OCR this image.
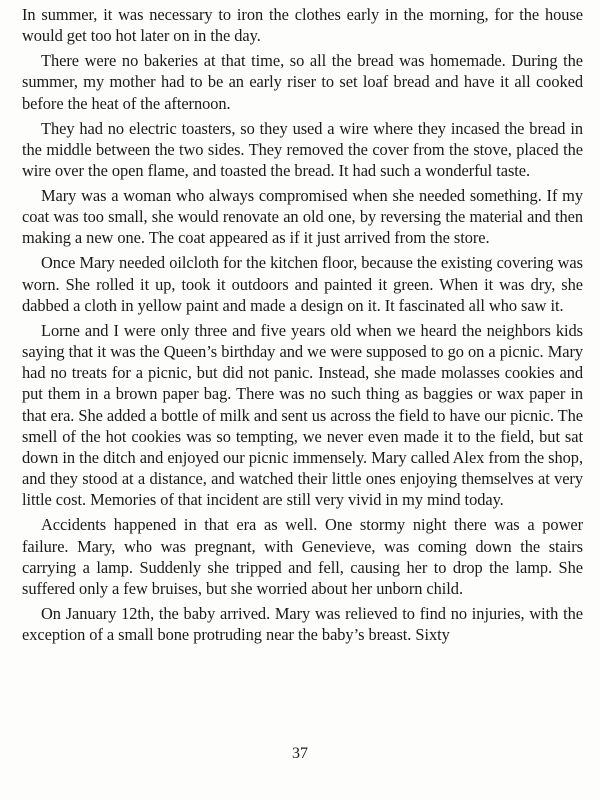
In summer, it was necessary to iron the clothes early in the morning, for the house would get too hot later on in the day.

There were no bakeries at that time, so all the bread was homemade. During the summer, my mother had to be an early riser to set loaf bread and have it all cooked before the heat of the afternoon.

They had no electric toasters, so they used a wire where they incased the bread in the middle between the two sides. They removed the cover from the stove, placed the wire over the open flame, and toasted the bread. It had such a wonderful taste.

Mary was a woman who always compromised when she needed something. If my coat was too small, she would renovate an old one, by reversing the material and then making a new one. The coat appeared as if it just arrived from the store.

Once Mary needed oilcloth for the kitchen floor, because the existing covering was worn. She rolled it up, took it outdoors and painted it green. When it was dry, she dabbed a cloth in yellow paint and made a design on it. It fascinated all who saw it.

Lorne and I were only three and five years old when we heard the neighbors kids saying that it was the Queen’s birthday and we were supposed to go on a picnic. Mary had no treats for a picnic, but did not panic. Instead, she made molasses cookies and put them in a brown paper bag. There was no such thing as baggies or wax paper in that era. She added a bottle of milk and sent us across the field to have our picnic. The smell of the hot cookies was so tempting, we never even made it to the field, but sat down in the ditch and enjoyed our picnic immensely. Mary called Alex from the shop, and they stood at a distance, and watched their little ones enjoying themselves at very little cost. Memories of that incident are still very vivid in my mind today.

Accidents happened in that era as well. One stormy night there was a power failure. Mary, who was pregnant, with Genevieve, was coming down the stairs carrying a lamp. Suddenly she tripped and fell, causing her to drop the lamp. She suffered only a few bruises, but she worried about her unborn child.

On January 12th, the baby arrived. Mary was relieved to find no injuries, with the exception of a small bone protruding near the baby’s breast. Sixty

37
